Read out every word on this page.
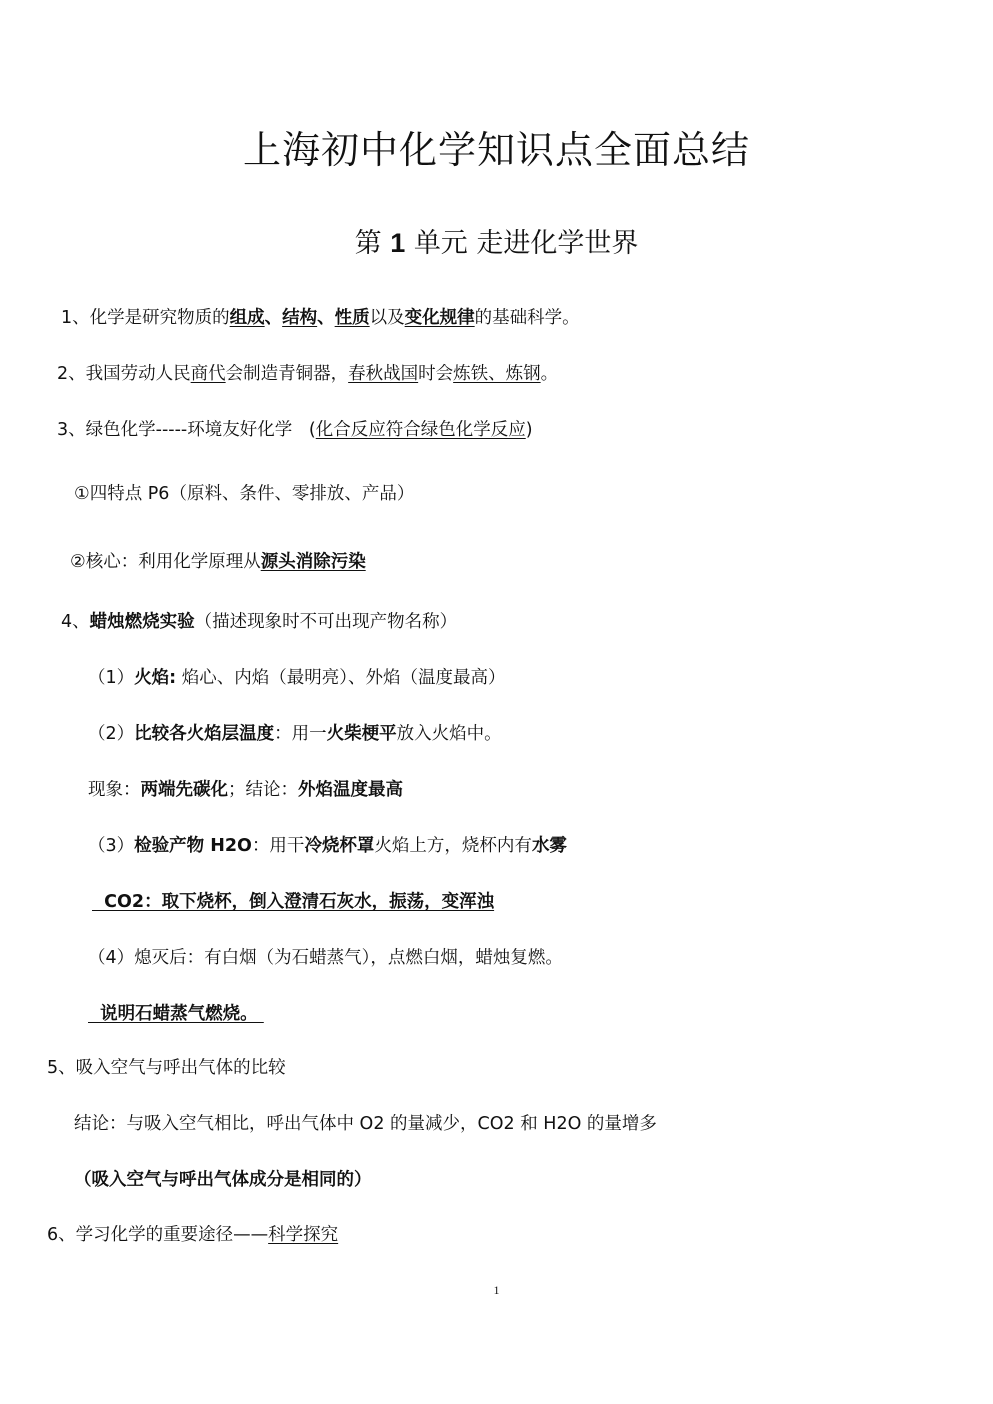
上海初中化学知识点全面总结
第 1 单元 走进化学世界
1、化学是研究物质的组成、结构、性质以及变化规律的基础科学。
2、我国劳动人民商代会制造青铜器，春秋战国时会炼铁、炼钢。
3、绿色化学-----环境友好化学   (化合反应符合绿色化学反应)
①四特点 P6（原料、条件、零排放、产品）
②核心：利用化学原理从源头消除污染
4、蜡烛燃烧实验（描述现象时不可出现产物名称）
（1）火焰: 焰心、内焰（最明亮）、外焰（温度最高）
（2）比较各火焰层温度：用一火柴梗平放入火焰中。
现象：两端先碳化；结论：外焰温度最高
（3）检验产物 H2O：用干冷烧杯罩火焰上方，烧杯内有水雾
CO2：取下烧杯，倒入澄清石灰水，振荡，变浑浊
（4）熄灭后：有白烟（为石蜡蒸气），点燃白烟，蜡烛复燃。
说明石蜡蒸气燃烧。
5、吸入空气与呼出气体的比较
结论：与吸入空气相比，呼出气体中 O2 的量减少，CO2 和 H2O 的量增多
（吸入空气与呼出气体成分是相同的）
6、学习化学的重要途径——科学探究
1
